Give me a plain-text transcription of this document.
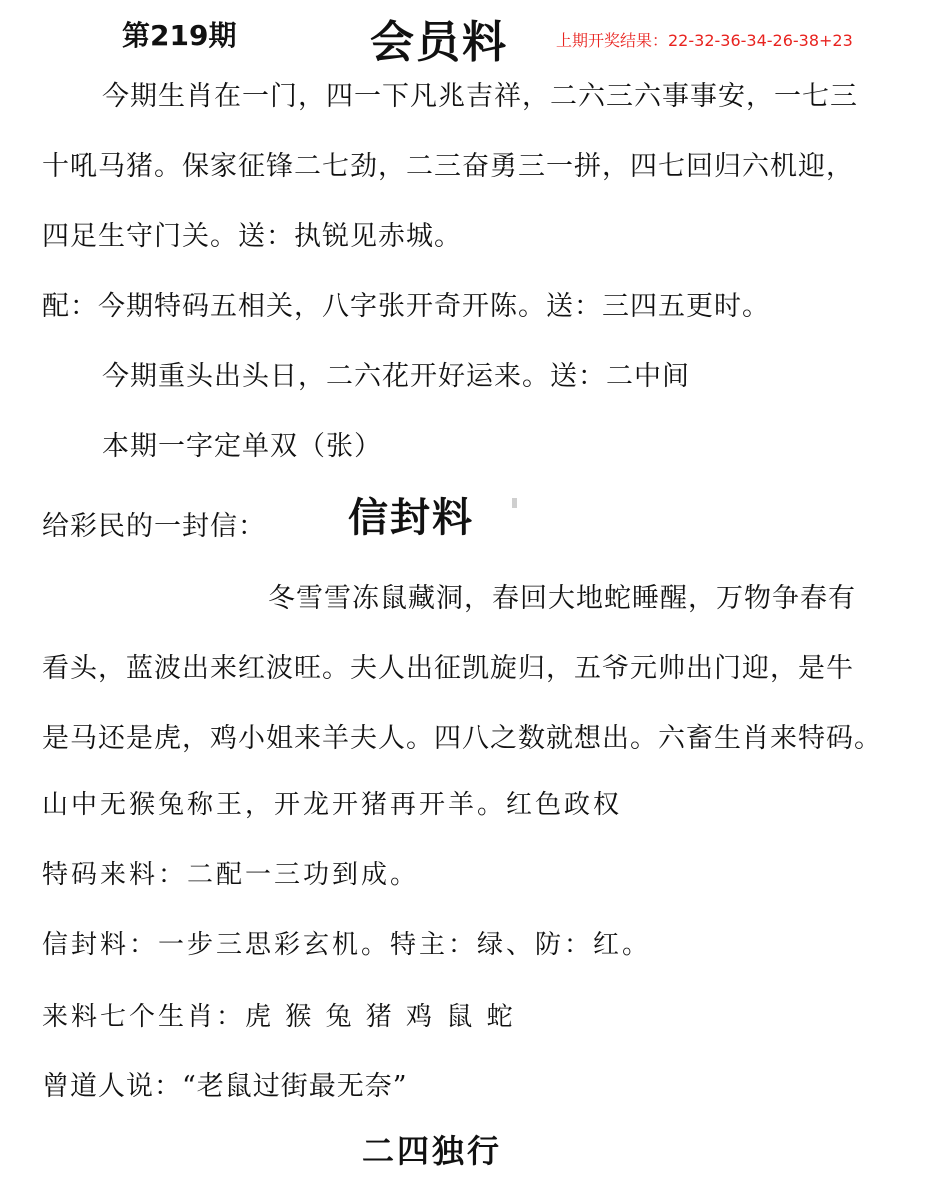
第219期	会员料	上期开奖结果：22-32-36-34-26-38+23
今期生肖在一门，四一下凡兆吉祥，二六三六事事安，一七三
十吼马猪。保家征锋二七劲，二三奋勇三一拼，四七回归六机迎，
四足生守门关。送：执锐见赤城。
配：今期特码五相关，八字张开奇开陈。送：三四五更时。
今期重头出头日，二六花开好运来。送：二中间
本期一字定单双（张）
给彩民的一封信： 信封料
冬雪雪冻鼠藏洞，春回大地蛇睡醒，万物争春有
看头，蓝波出来红波旺。夫人出征凯旋归，五爷元帅出门迎，是牛
是马还是虎，鸡小姐来羊夫人。四八之数就想出。六畜生肖来特码。
山中无猴兔称王，开龙开猪再开羊。红色政权
特码来料：二配一三功到成。
信封料：一步三思彩玄机。特主：绿、防：红。
来料七个生肖：虎 猴 兔 猪 鸡 鼠 蛇
曾道人说：“老鼠过街最无奈”
二四独行
